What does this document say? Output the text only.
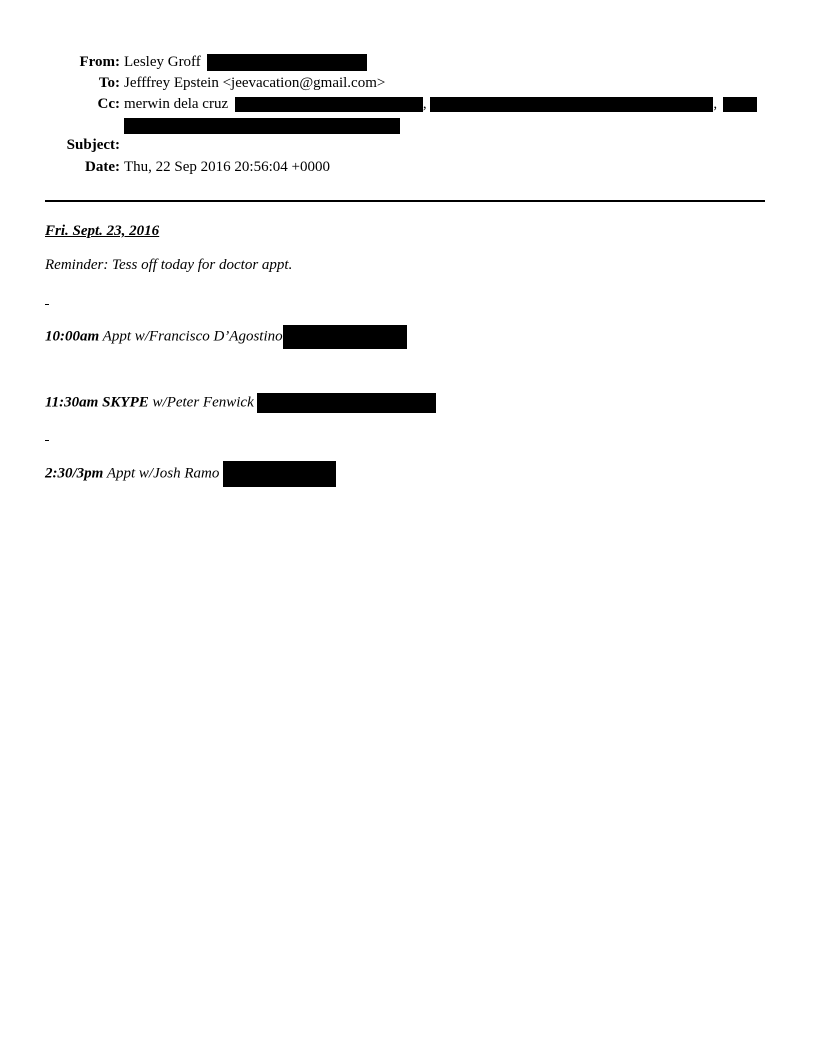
From: Lesley Groff
To: Jefffrey Epstein <jeevacation@gmail.com>
Cc: merwin dela cruz	,	,
Subject:
Date: Thu, 22 Sep 2016 20:56:04 +0000
Fri. Sept. 23, 2016
Reminder: Tess off today for doctor appt.
10:00am Appt w/Francisco D’Agostino
11:30am SKYPE w/Peter Fenwick
2:30/3pm Appt w/Josh Ramo
